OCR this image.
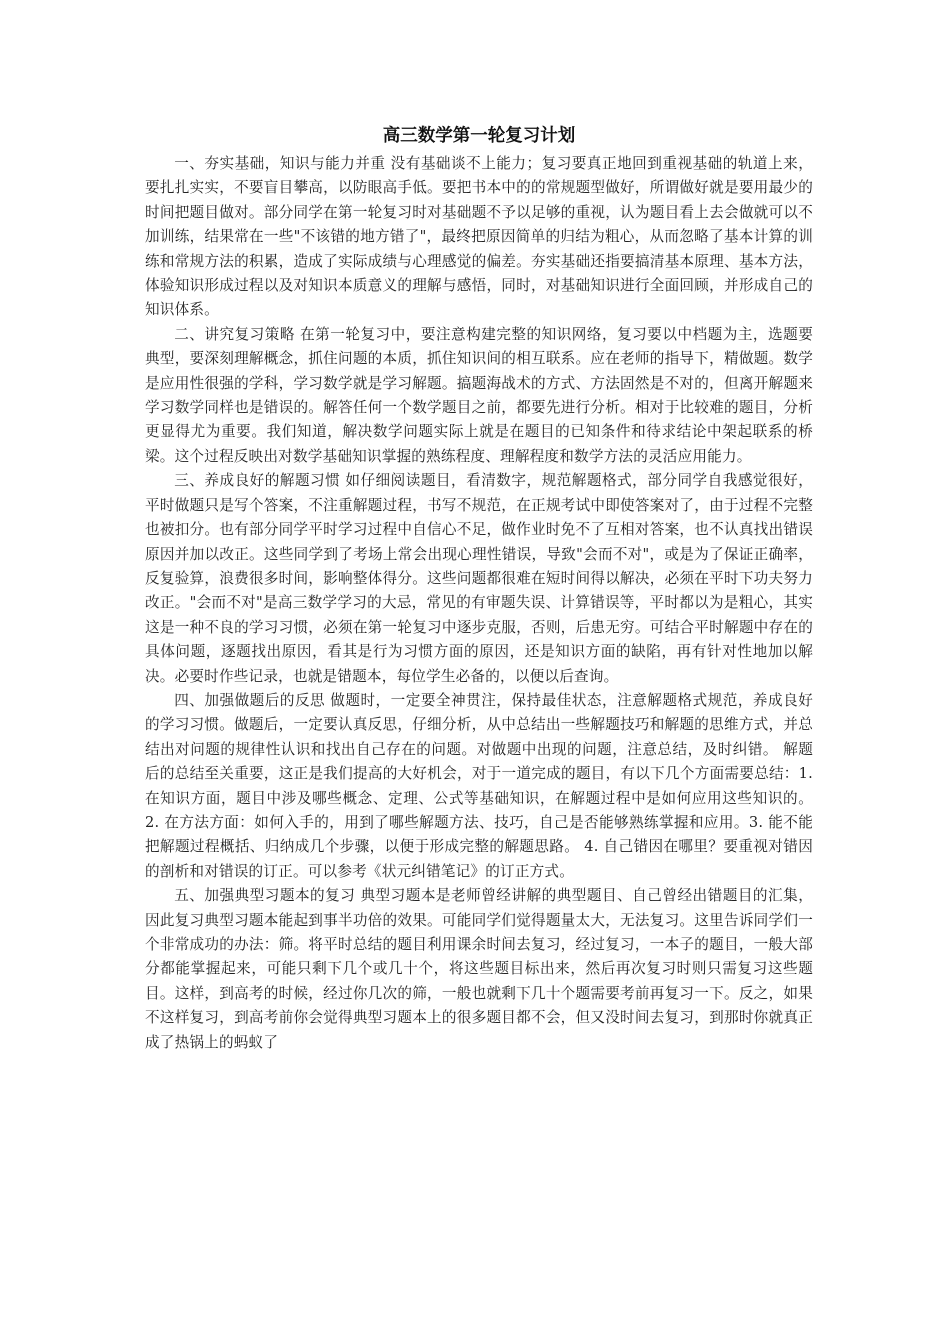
高三数学第一轮复习计划

一、夯实基础，知识与能力并重 没有基础谈不上能力；复习要真正地回到重视基础的轨道上来，要扎扎实实，不要盲目攀高，以防眼高手低。要把书本中的的常规题型做好，所谓做好就是要用最少的时间把题目做对。部分同学在第一轮复习时对基础题不予以足够的重视，认为题目看上去会做就可以不加训练，结果常在一些"不该错的地方错了"，最终把原因简单的归结为粗心，从而忽略了基本计算的训练和常规方法的积累，造成了实际成绩与心理感觉的偏差。夯实基础还指要搞清基本原理、基本方法，体验知识形成过程以及对知识本质意义的理解与感悟，同时，对基础知识进行全面回顾，并形成自己的知识体系。

二、讲究复习策略 在第一轮复习中，要注意构建完整的知识网络，复习要以中档题为主，选题要典型，要深刻理解概念，抓住问题的本质，抓住知识间的相互联系。应在老师的指导下，精做题。数学是应用性很强的学科，学习数学就是学习解题。搞题海战术的方式、方法固然是不对的，但离开解题来学习数学同样也是错误的。解答任何一个数学题目之前，都要先进行分析。相对于比较难的题目，分析更显得尤为重要。我们知道，解决数学问题实际上就是在题目的已知条件和待求结论中架起联系的桥梁。这个过程反映出对数学基础知识掌握的熟练程度、理解程度和数学方法的灵活应用能力。

三、养成良好的解题习惯 如仔细阅读题目，看清数字，规范解题格式，部分同学自我感觉很好，平时做题只是写个答案，不注重解题过程，书写不规范，在正规考试中即使答案对了，由于过程不完整也被扣分。也有部分同学平时学习过程中自信心不足，做作业时免不了互相对答案，也不认真找出错误原因并加以改正。这些同学到了考场上常会出现心理性错误，导致"会而不对"，或是为了保证正确率，反复验算，浪费很多时间，影响整体得分。这些问题都很难在短时间得以解决，必须在平时下功夫努力改正。"会而不对"是高三数学学习的大忌，常见的有审题失误、计算错误等，平时都以为是粗心，其实这是一种不良的学习习惯，必须在第一轮复习中逐步克服，否则，后患无穷。可结合平时解题中存在的具体问题，逐题找出原因，看其是行为习惯方面的原因，还是知识方面的缺陷，再有针对性地加以解决。必要时作些记录，也就是错题本，每位学生必备的，以便以后查询。

四、加强做题后的反思 做题时，一定要全神贯注，保持最佳状态，注意解题格式规范，养成良好的学习习惯。做题后，一定要认真反思，仔细分析，从中总结出一些解题技巧和解题的思维方式，并总结出对问题的规律性认识和找出自己存在的问题。对做题中出现的问题，注意总结，及时纠错。 解题后的总结至关重要，这正是我们提高的大好机会，对于一道完成的题目，有以下几个方面需要总结：1. 在知识方面，题目中涉及哪些概念、定理、公式等基础知识，在解题过程中是如何应用这些知识的。 2. 在方法方面：如何入手的，用到了哪些解题方法、技巧，自己是否能够熟练掌握和应用。3. 能不能把解题过程概括、归纳成几个步骤，以便于形成完整的解题思路。 4. 自己错因在哪里？要重视对错因的剖析和对错误的订正。可以参考《状元纠错笔记》的订正方式。

五、加强典型习题本的复习 典型习题本是老师曾经讲解的典型题目、自己曾经出错题目的汇集，因此复习典型习题本能起到事半功倍的效果。可能同学们觉得题量太大，无法复习。这里告诉同学们一个非常成功的办法：筛。将平时总结的题目利用课余时间去复习，经过复习，一本子的题目，一般大部分都能掌握起来，可能只剩下几个或几十个，将这些题目标出来，然后再次复习时则只需复习这些题目。这样，到高考的时候，经过你几次的筛，一般也就剩下几十个题需要考前再复习一下。反之，如果不这样复习，到高考前你会觉得典型习题本上的很多题目都不会，但又没时间去复习，到那时你就真正成了热锅上的蚂蚁了
